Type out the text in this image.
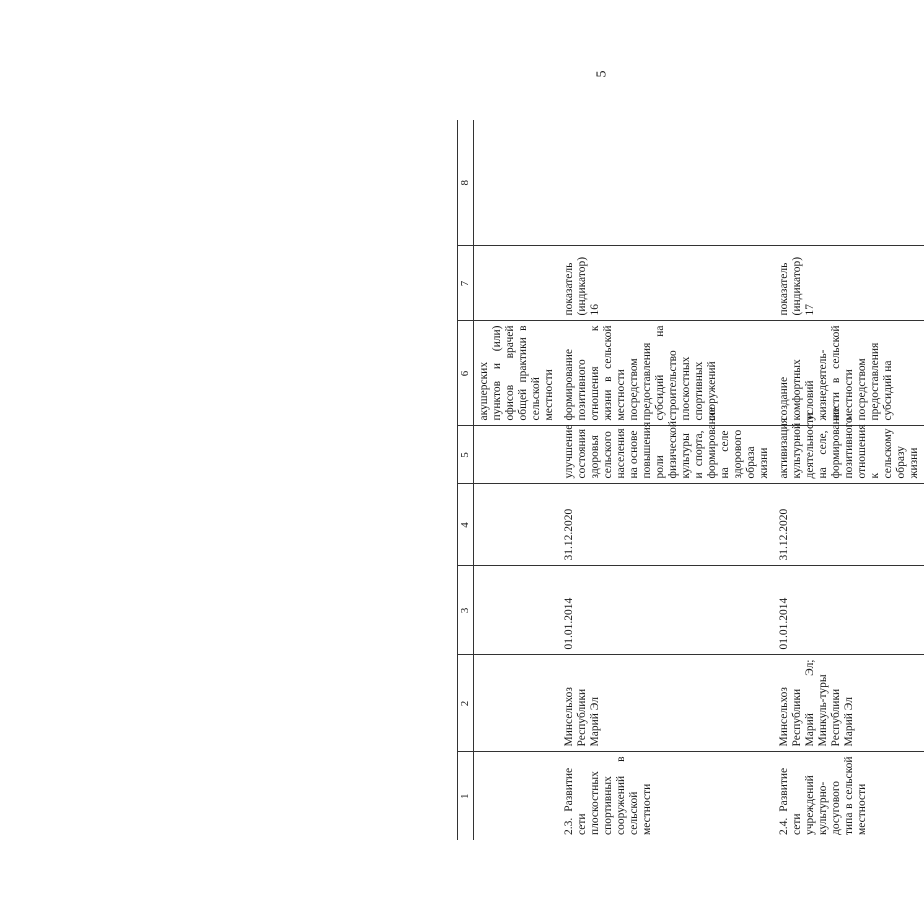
5
1	2	3	4	5	6	7	8
					акушерских пунктов и (или) офисов врачей общей практики в сельской местности		
2.3.Развитие сети плоскостных спортивных сооружений в сельской местности	Минсельхоз Республики Марий Эл	01.01.2014	31.12.2020	улучшение состояния здоровья сельского населения на основе повышения роли физической культуры и спорта, формирование на селе здорового образа жизни	формирование позитивного отношения к жизни в сельской местности посредством предоставления субсидий на строительство плоскостных спортивных сооружений	показатель (индикатор) 16	
2.4.Развитие сети учреждений культурно-досугового типа в сельской местности	Минсельхоз Республики Марий Эл; Минкуль-туры Республики Марий Эл	01.01.2014	31.12.2020	активизация культурной деятельности на селе, формирование позитивного отношения к сельскому образу жизни	создание комфортных условий жизнедеятель-ности в сельской местности посредством предоставления субсидий на	показатель (индикатор) 17	
